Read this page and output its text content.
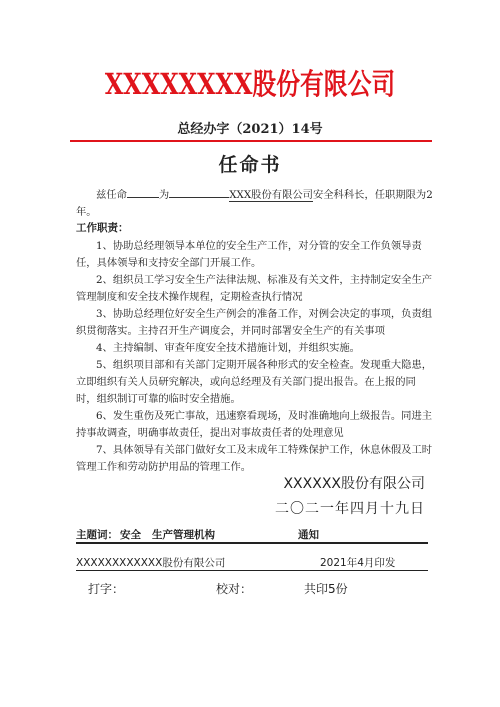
XXXXXXXX股份有限公司
总经办字（2021）14号
任命书
兹任命	为	XXX股份有限公司安全科科长，任职期限为2年。
工作职责：
1、协助总经理领导本单位的安全生产工作，对分管的安全工作负领导责任，具体领导和支持安全部门开展工作。
2、组织员工学习安全生产法律法规、标准及有关文件，主持制定安全生产管理制度和安全技术操作规程，定期检查执行情况
3、协助总经理位好安全生产例会的准备工作，对例会决定的事项，负责组织贯彻落实。主持召开生产调度会，并同时部署安全生产的有关事项
4、主持编制、审查年度安全技术措施计划，并组织实施。
5、组织项目部和有关部门定期开展各种形式的安全检查。发现重大隐患，立即组织有关人员研究解决，或向总经理及有关部门提出报告。在上报的同时，组织制订可靠的临时安全措施。
6、发生重伤及死亡事故，迅速察看现场，及时准确地向上级报告。同进主持事故调查，明确事故责任，提出对事故责任者的处理意见
7、具体领导有关部门做好女工及末成年工特殊保护工作，休息休假及工时管理工作和劳动防护用品的管理工作。
XXXXXX股份有限公司
二〇二一年四月十九日
主题词： 安全 生产管理机构	通知
XXXXXXXXXXXX股份有限公司	2021年4月印发
打字：	校对：	共印5份
